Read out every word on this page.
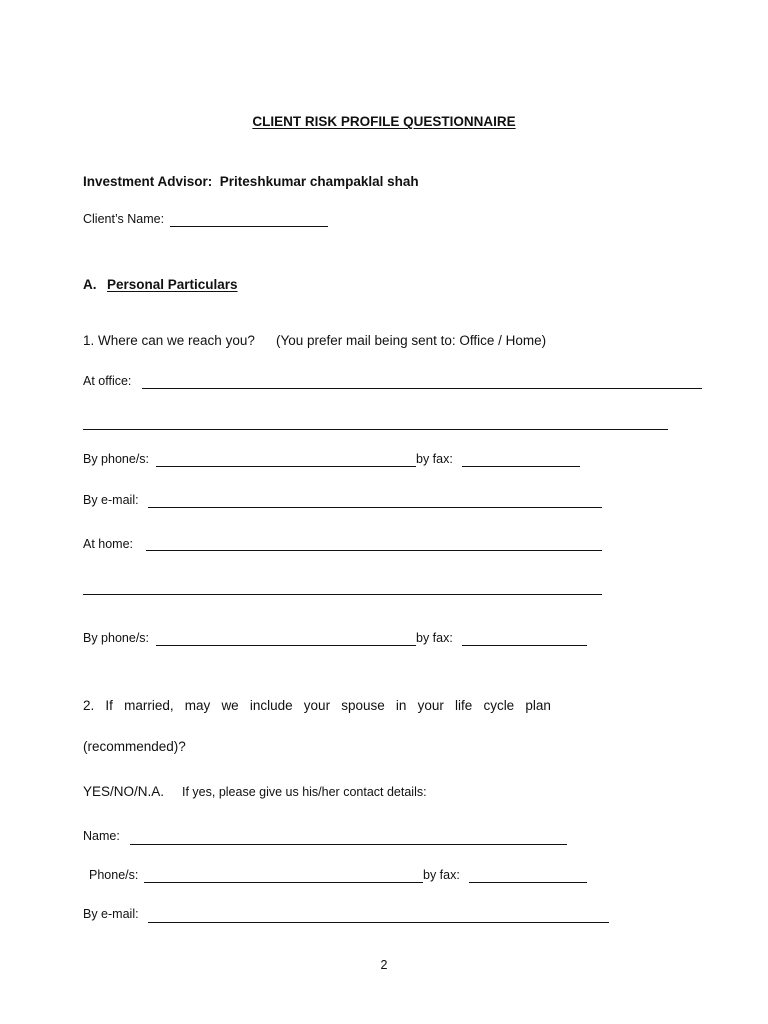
CLIENT RISK PROFILE QUESTIONNAIRE
Investment Advisor: Priteshkumar champaklal shah
Client’s Name:
A. Personal Particulars
1. Where can we reach you? (You prefer mail being sent to: Office / Home)
At office:
By phone/s:	by fax:
By e-mail:
At home:
By phone/s:	by fax:
2. If married, may we include your spouse in your life cycle plan
(recommended)?
YES/NO/N.A. If yes, please give us his/her contact details:
Name:
Phone/s:	by fax:
By e-mail:
2
